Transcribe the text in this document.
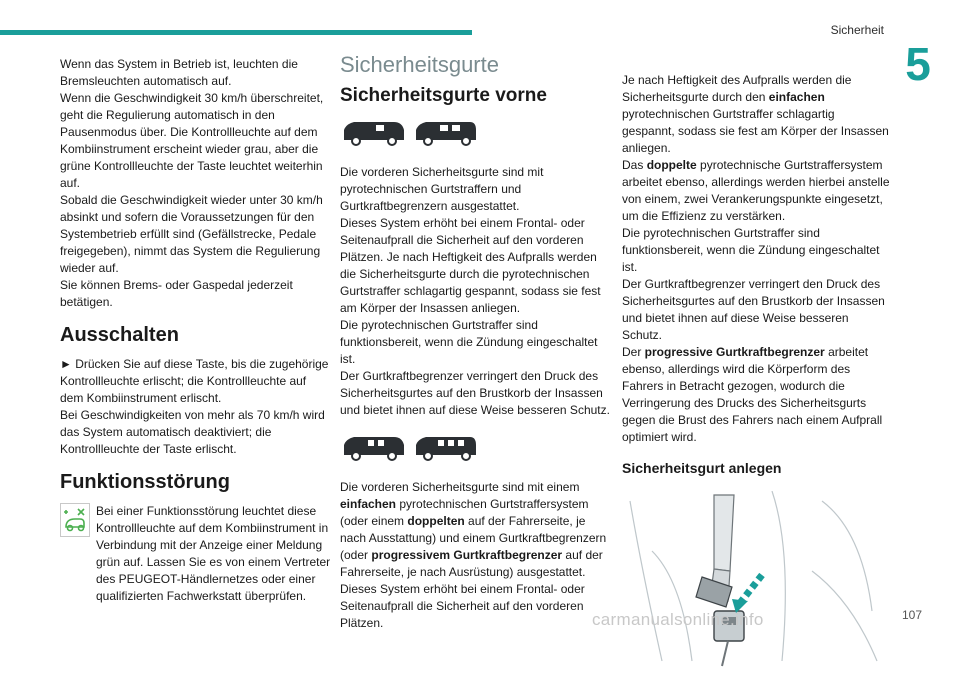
Sicherheit
5

Wenn das System in Betrieb ist, leuchten die Bremsleuchten automatisch auf.

Wenn die Geschwindigkeit 30 km/h überschreitet, geht die Regulierung automatisch in den Pausenmodus über. Die Kontrollleuchte auf dem Kombiinstrument erscheint wieder grau, aber die grüne Kontrollleuchte der Taste leuchtet weiterhin auf.

Sobald die Geschwindigkeit wieder unter 30 km/h absinkt und sofern die Voraussetzungen für den Systembetrieb erfüllt sind (Gefällstrecke, Pedale freigegeben), nimmt das System die Regulierung wieder auf.

Sie können Brems- oder Gaspedal jederzeit betätigen.

Ausschalten

► Drücken Sie auf diese Taste, bis die zugehörige Kontrollleuchte erlischt; die Kontrollleuchte auf dem Kombiinstrument erlischt.

Bei Geschwindigkeiten von mehr als 70 km/h wird das System automatisch deaktiviert; die Kontrollleuchte der Taste erlischt.

Funktionsstörung

Bei einer Funktionsstörung leuchtet diese Kontrollleuchte auf dem Kombiinstrument in Verbindung mit der Anzeige einer Meldung grün auf. Lassen Sie es von einem Vertreter des PEUGEOT-Händlernetzes oder einer qualifizierten Fachwerkstatt überprüfen.

Sicherheitsgurte
Sicherheitsgurte vorne

Die vorderen Sicherheitsgurte sind mit pyrotechnischen Gurtstraffern und Gurtkraftbegrenzern ausgestattet.

Dieses System erhöht bei einem Frontal- oder Seitenaufprall die Sicherheit auf den vorderen Plätzen. Je nach Heftigkeit des Aufpralls werden die Sicherheitsgurte durch die pyrotechnischen Gurtstraffer schlagartig gespannt, sodass sie fest am Körper der Insassen anliegen.

Die pyrotechnischen Gurtstraffer sind funktionsbereit, wenn die Zündung eingeschaltet ist.

Der Gurtkraftbegrenzer verringert den Druck des Sicherheitsgurtes auf den Brustkorb der Insassen und bietet ihnen auf diese Weise besseren Schutz.

Die vorderen Sicherheitsgurte sind mit einem einfachen pyrotechnischen Gurtstraffersystem (oder einem doppelten auf der Fahrerseite, je nach Ausstattung) und einem Gurtkraftbegrenzern (oder progressivem Gurtkraftbegrenzer auf der Fahrerseite, je nach Ausrüstung) ausgestattet.

Dieses System erhöht bei einem Frontal- oder Seitenaufprall die Sicherheit auf den vorderen Plätzen.

Je nach Heftigkeit des Aufpralls werden die Sicherheitsgurte durch den einfachen pyrotechnischen Gurtstraffer schlagartig gespannt, sodass sie fest am Körper der Insassen anliegen.

Das doppelte pyrotechnische Gurtstraffersystem arbeitet ebenso, allerdings werden hierbei anstelle von einem, zwei Verankerungspunkte eingesetzt, um die Effizienz zu verstärken.

Die pyrotechnischen Gurtstraffer sind funktionsbereit, wenn die Zündung eingeschaltet ist.

Der Gurtkraftbegrenzer verringert den Druck des Sicherheitsgurtes auf den Brustkorb der Insassen und bietet ihnen auf diese Weise besseren Schutz.

Der progressive Gurtkraftbegrenzer arbeitet ebenso, allerdings wird die Körperform des Fahrers in Betracht gezogen, wodurch die Verringerung des Drucks des Sicherheitsgurts gegen die Brust des Fahrers nach einem Aufprall optimiert wird.

Sicherheitsgurt anlegen
carmanualsonline.info	107
